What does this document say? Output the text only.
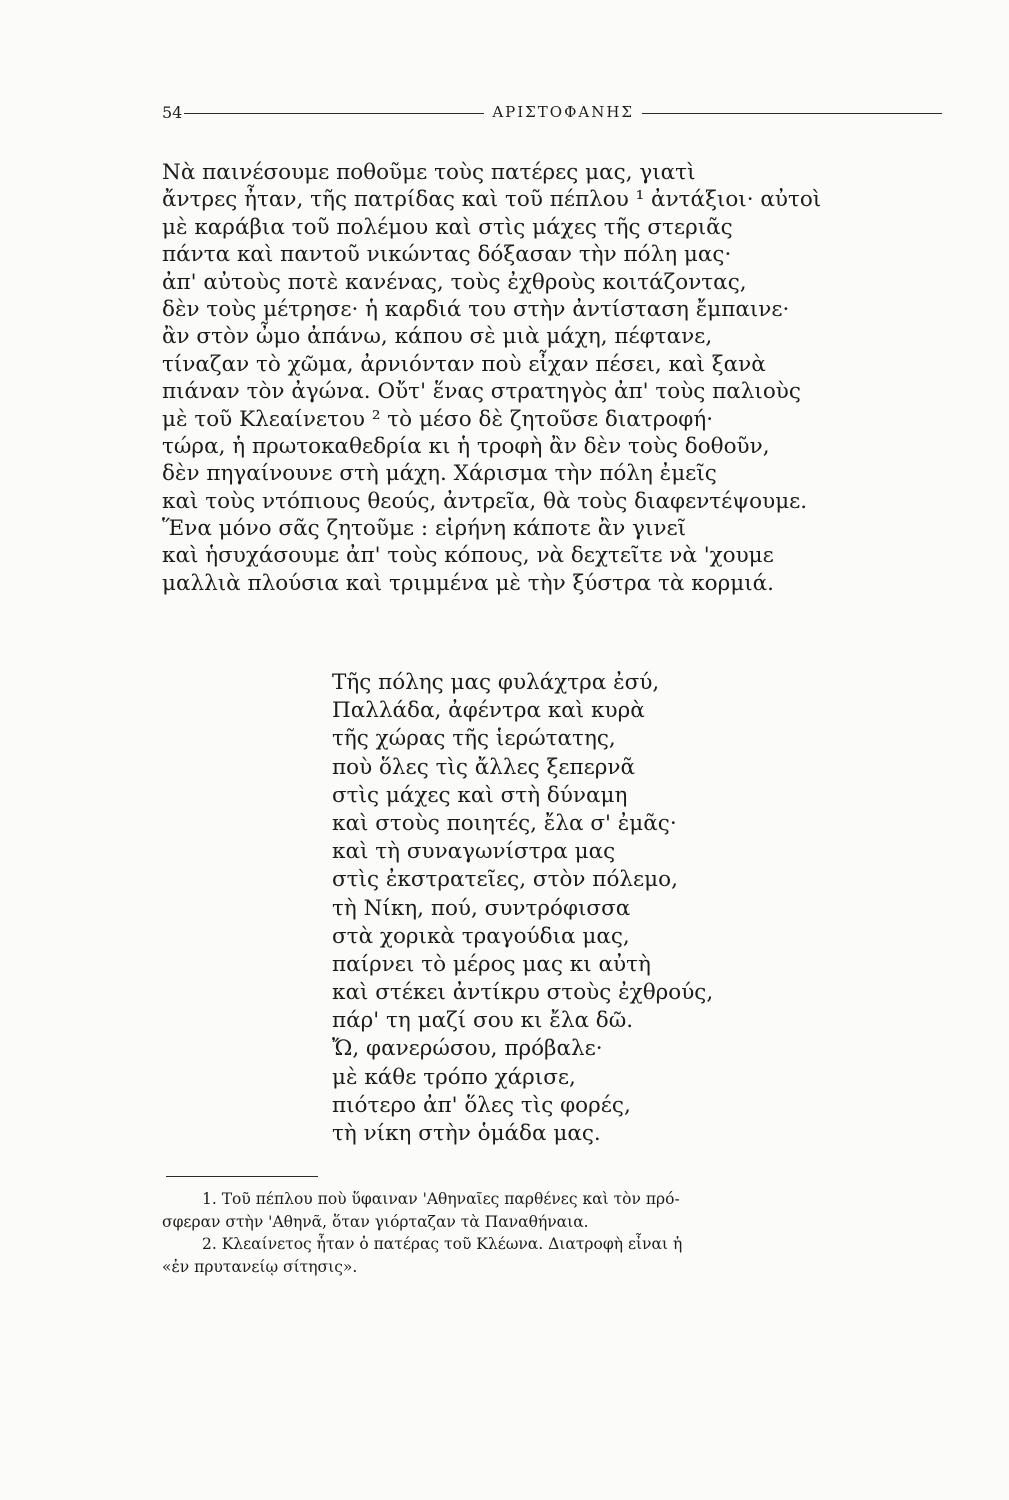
54	ΑΡΙΣΤΟΦΑΝΗΣ
Νὰ παινέσουμε ποθοῦμε τοὺς πατέρες μας, γιατὶ
ἄντρες ἦταν, τῆς πατρίδας καὶ τοῦ πέπλου ¹ ἀντάξιοι· αὐτοὶ
μὲ καράβια τοῦ πολέμου καὶ στὶς μάχες τῆς στεριᾶς
πάντα καὶ παντοῦ νικώντας δόξασαν τὴν πόλη μας·
ἀπ' αὐτοὺς ποτὲ κανένας, τοὺς ἐχθροὺς κοιτάζοντας,
δὲν τοὺς μέτρησε· ἡ καρδιά του στὴν ἀντίσταση ἔμπαινε·
ἂν στὸν ὦμο ἀπάνω, κάπου σὲ μιὰ μάχη, πέφτανε,
τίναζαν τὸ χῶμα, ἀρνιόνταν ποὺ εἶχαν πέσει, καὶ ξανὰ
πιάναν τὸν ἀγώνα. Οὔτ' ἕνας στρατηγὸς ἀπ' τοὺς παλιοὺς
μὲ τοῦ Κλεαίνετου ² τὸ μέσο δὲ ζητοῦσε διατροφή·
τώρα, ἡ πρωτοκαθεδρία κι ἡ τροφὴ ἂν δὲν τοὺς δοθοῦν,
δὲν πηγαίνουνε στὴ μάχη. Χάρισμα τὴν πόλη ἐμεῖς
καὶ τοὺς ντόπιους θεούς, ἀντρεῖα, θὰ τοὺς διαφεντέψουμε.
Ἕνα μόνο σᾶς ζητοῦμε : εἰρήνη κάποτε ἂν γινεῖ
καὶ ἡσυχάσουμε ἀπ' τοὺς κόπους, νὰ δεχτεῖτε νὰ 'χουμε
μαλλιὰ πλούσια καὶ τριμμένα μὲ τὴν ξύστρα τὰ κορμιά.
Τῆς πόλης μας φυλάχτρα ἐσύ,
Παλλάδα, ἀφέντρα καὶ κυρὰ
τῆς χώρας τῆς ἱερώτατης,
ποὺ ὅλες τὶς ἄλλες ξεπερνᾶ
στὶς μάχες καὶ στὴ δύναμη
καὶ στοὺς ποιητές, ἔλα σ' ἐμᾶς·
καὶ τὴ συναγωνίστρα μας
στὶς ἐκστρατεῖες, στὸν πόλεμο,
τὴ Νίκη, πού, συντρόφισσα
στὰ χορικὰ τραγούδια μας,
παίρνει τὸ μέρος μας κι αὐτὴ
καὶ στέκει ἀντίκρυ στοὺς ἐχθρούς,
πάρ' τη μαζί σου κι ἔλα δῶ.
Ὤ, φανερώσου, πρόβαλε·
μὲ κάθε τρόπο χάρισε,
πιότερο ἀπ' ὅλες τὶς φορές,
τὴ νίκη στὴν ὁμάδα μας.
1. Τοῦ πέπλου ποὺ ὕφαιναν 'Αθηναῖες παρθένες καὶ τὸν πρό-
σφεραν στὴν 'Αθηνᾶ, ὅταν γιόρταζαν τὰ Παναθήναια.
2. Κλεαίνετος ἦταν ὁ πατέρας τοῦ Κλέωνα. Διατροφὴ εἶναι ἡ
«ἐν πρυτανείῳ σίτησις».
